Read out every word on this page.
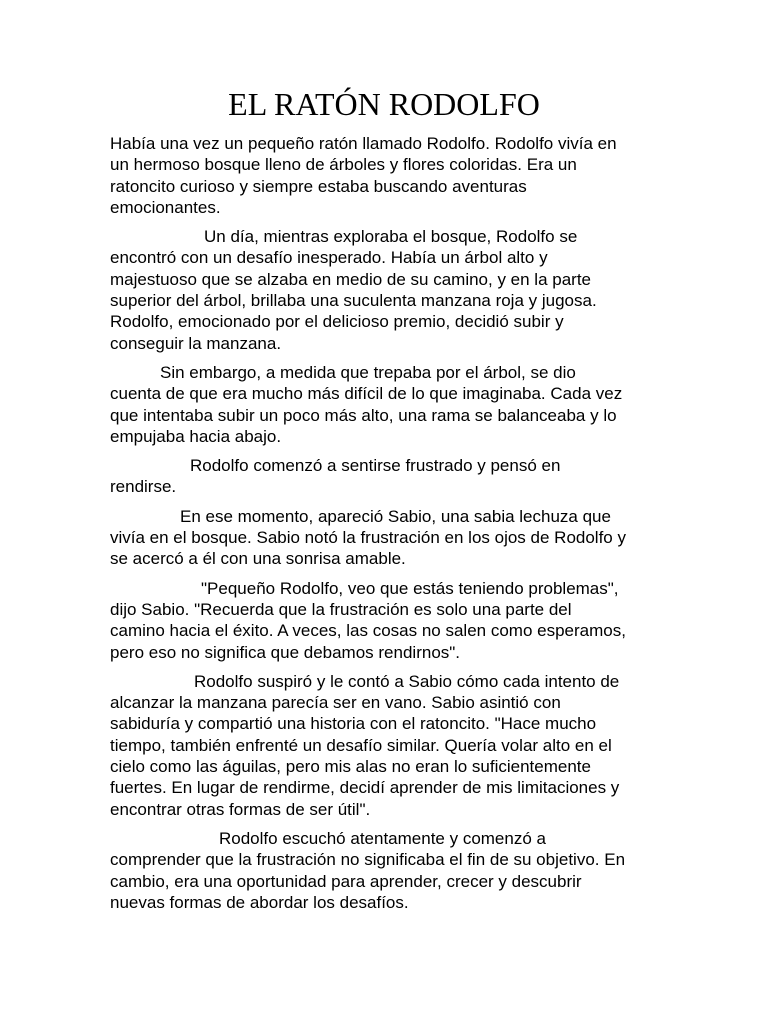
EL RATÓN RODOLFO

Había una vez un pequeño ratón llamado Rodolfo. Rodolfo vivía en
un hermoso bosque lleno de árboles y flores coloridas. Era un
ratoncito curioso y siempre estaba buscando aventuras
emocionantes.

Un día, mientras exploraba el bosque, Rodolfo se
encontró con un desafío inesperado. Había un árbol alto y
majestuoso que se alzaba en medio de su camino, y en la parte
superior del árbol, brillaba una suculenta manzana roja y jugosa.
Rodolfo, emocionado por el delicioso premio, decidió subir y
conseguir la manzana.

Sin embargo, a medida que trepaba por el árbol, se dio
cuenta de que era mucho más difícil de lo que imaginaba. Cada vez
que intentaba subir un poco más alto, una rama se balanceaba y lo
empujaba hacia abajo.

Rodolfo comenzó a sentirse frustrado y pensó en
rendirse.

En ese momento, apareció Sabio, una sabia lechuza que
vivía en el bosque. Sabio notó la frustración en los ojos de Rodolfo y
se acercó a él con una sonrisa amable.

"Pequeño Rodolfo, veo que estás teniendo problemas",
dijo Sabio. "Recuerda que la frustración es solo una parte del
camino hacia el éxito. A veces, las cosas no salen como esperamos,
pero eso no significa que debamos rendirnos".

Rodolfo suspiró y le contó a Sabio cómo cada intento de
alcanzar la manzana parecía ser en vano. Sabio asintió con
sabiduría y compartió una historia con el ratoncito. "Hace mucho
tiempo, también enfrenté un desafío similar. Quería volar alto en el
cielo como las águilas, pero mis alas no eran lo suficientemente
fuertes. En lugar de rendirme, decidí aprender de mis limitaciones y
encontrar otras formas de ser útil".

Rodolfo escuchó atentamente y comenzó a
comprender que la frustración no significaba el fin de su objetivo. En
cambio, era una oportunidad para aprender, crecer y descubrir
nuevas formas de abordar los desafíos.
